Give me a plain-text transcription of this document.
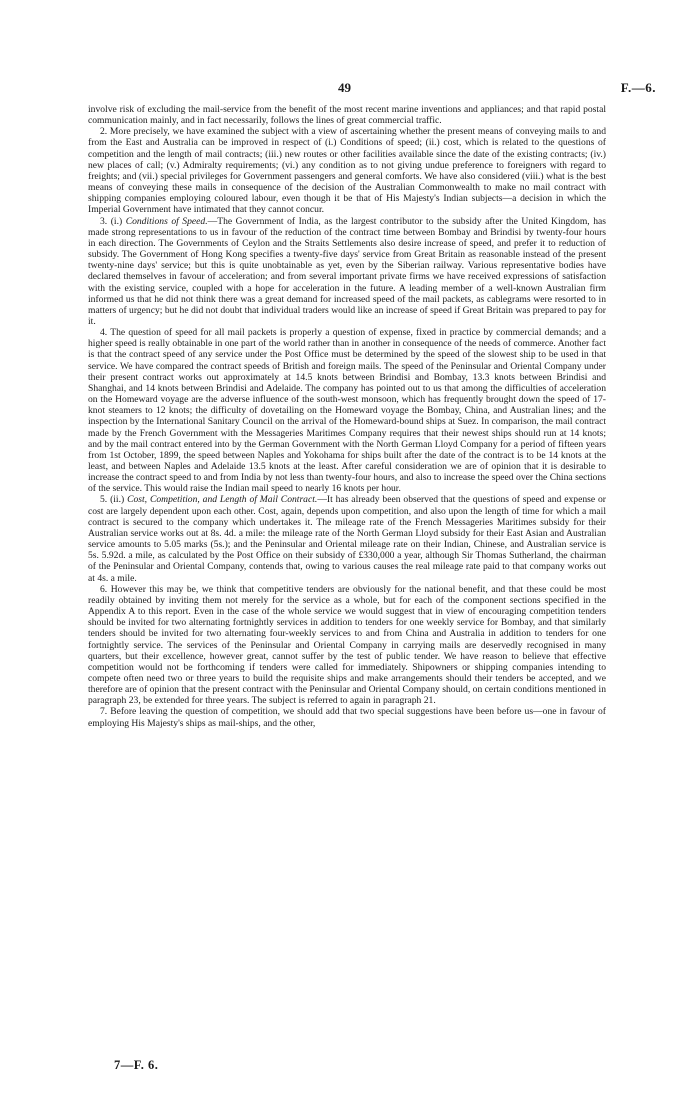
49	F.—6.

involve risk of excluding the mail-service from the benefit of the most recent marine inventions and appliances; and that rapid postal communication mainly, and in fact necessarily, follows the lines of great commercial traffic.

2. More precisely, we have examined the subject with a view of ascertaining whether the present means of conveying mails to and from the East and Australia can be improved in respect of (i.) Conditions of speed; (ii.) cost, which is related to the questions of competition and the length of mail contracts; (iii.) new routes or other facilities available since the date of the existing contracts; (iv.) new places of call; (v.) Admiralty requirements; (vi.) any condition as to not giving undue preference to foreigners with regard to freights; and (vii.) special privileges for Government passengers and general comforts. We have also considered (viii.) what is the best means of conveying these mails in consequence of the decision of the Australian Commonwealth to make no mail contract with shipping companies employing coloured labour, even though it be that of His Majesty's Indian subjects—a decision in which the Imperial Government have intimated that they cannot concur.

3. (i.) Conditions of Speed.—The Government of India, as the largest contributor to the subsidy after the United Kingdom, has made strong representations to us in favour of the reduction of the contract time between Bombay and Brindisi by twenty-four hours in each direction. The Governments of Ceylon and the Straits Settlements also desire increase of speed, and prefer it to reduction of subsidy. The Government of Hong Kong specifies a twenty-five days' service from Great Britain as reasonable instead of the present twenty-nine days' service; but this is quite unobtainable as yet, even by the Siberian railway. Various representative bodies have declared themselves in favour of acceleration; and from several important private firms we have received expressions of satisfaction with the existing service, coupled with a hope for acceleration in the future. A leading member of a well-known Australian firm informed us that he did not think there was a great demand for increased speed of the mail packets, as cablegrams were resorted to in matters of urgency; but he did not doubt that individual traders would like an increase of speed if Great Britain was prepared to pay for it.

4. The question of speed for all mail packets is properly a question of expense, fixed in practice by commercial demands; and a higher speed is really obtainable in one part of the world rather than in another in consequence of the needs of commerce. Another fact is that the contract speed of any service under the Post Office must be determined by the speed of the slowest ship to be used in that service. We have compared the contract speeds of British and foreign mails. The speed of the Peninsular and Oriental Company under their present contract works out approximately at 14.5 knots between Brindisi and Bombay, 13.3 knots between Brindisi and Shanghai, and 14 knots between Brindisi and Adelaide. The company has pointed out to us that among the difficulties of acceleration on the Homeward voyage are the adverse influence of the south-west monsoon, which has frequently brought down the speed of 17-knot steamers to 12 knots; the difficulty of dovetailing on the Homeward voyage the Bombay, China, and Australian lines; and the inspection by the International Sanitary Council on the arrival of the Homeward-bound ships at Suez. In comparison, the mail contract made by the French Government with the Messageries Maritimes Company requires that their newest ships should run at 14 knots; and by the mail contract entered into by the German Government with the North German Lloyd Company for a period of fifteen years from 1st October, 1899, the speed between Naples and Yokohama for ships built after the date of the contract is to be 14 knots at the least, and between Naples and Adelaide 13.5 knots at the least. After careful consideration we are of opinion that it is desirable to increase the contract speed to and from India by not less than twenty-four hours, and also to increase the speed over the China sections of the service. This would raise the Indian mail speed to nearly 16 knots per hour.

5. (ii.) Cost, Competition, and Length of Mail Contract.—It has already been observed that the questions of speed and expense or cost are largely dependent upon each other. Cost, again, depends upon competition, and also upon the length of time for which a mail contract is secured to the company which undertakes it. The mileage rate of the French Messageries Maritimes subsidy for their Australian service works out at 8s. 4d. a mile: the mileage rate of the North German Lloyd subsidy for their East Asian and Australian service amounts to 5.05 marks (5s.); and the Peninsular and Oriental mileage rate on their Indian, Chinese, and Australian service is 5s. 5.92d. a mile, as calculated by the Post Office on their subsidy of £330,000 a year, although Sir Thomas Sutherland, the chairman of the Peninsular and Oriental Company, contends that, owing to various causes the real mileage rate paid to that company works out at 4s. a mile.

6. However this may be, we think that competitive tenders are obviously for the national benefit, and that these could be most readily obtained by inviting them not merely for the service as a whole, but for each of the component sections specified in the Appendix A to this report. Even in the case of the whole service we would suggest that in view of encouraging competition tenders should be invited for two alternating fortnightly services in addition to tenders for one weekly service for Bombay, and that similarly tenders should be invited for two alternating four-weekly services to and from China and Australia in addition to tenders for one fortnightly service. The services of the Peninsular and Oriental Company in carrying mails are deservedly recognised in many quarters, but their excellence, however great, cannot suffer by the test of public tender. We have reason to believe that effective competition would not be forthcoming if tenders were called for immediately. Shipowners or shipping companies intending to compete often need two or three years to build the requisite ships and make arrangements should their tenders be accepted, and we therefore are of opinion that the present contract with the Peninsular and Oriental Company should, on certain conditions mentioned in paragraph 23, be extended for three years. The subject is referred to again in paragraph 21.

7. Before leaving the question of competition, we should add that two special suggestions have been before us—one in favour of employing His Majesty's ships as mail-ships, and the other,

7—F. 6.
